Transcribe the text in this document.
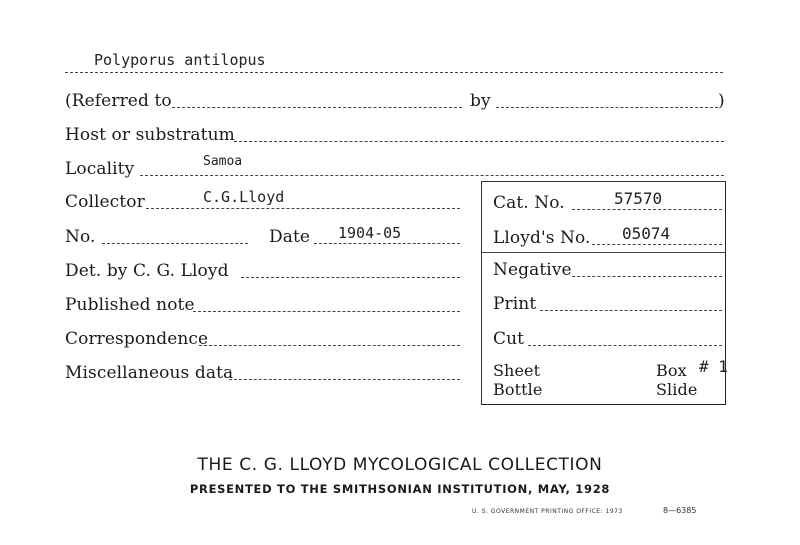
Polyporus antilopus
(Referred to	by	)
Host or substratum
Locality	Samoa
Collector	C.G.Lloyd
No.	Date 1904-05
Det. by C. G. Lloyd
Published note
Correspondence
Miscellaneous data
Cat. No.	57570
Lloyd's No. 05074
Negative
Print
Cut
Sheet
Bottle
Box # 1
Slide
THE C. G. LLOYD MYCOLOGICAL COLLECTION
PRESENTED TO THE SMITHSONIAN INSTITUTION, MAY, 1928
U. S. GOVERNMENT PRINTING OFFICE: 1973	8—6385
